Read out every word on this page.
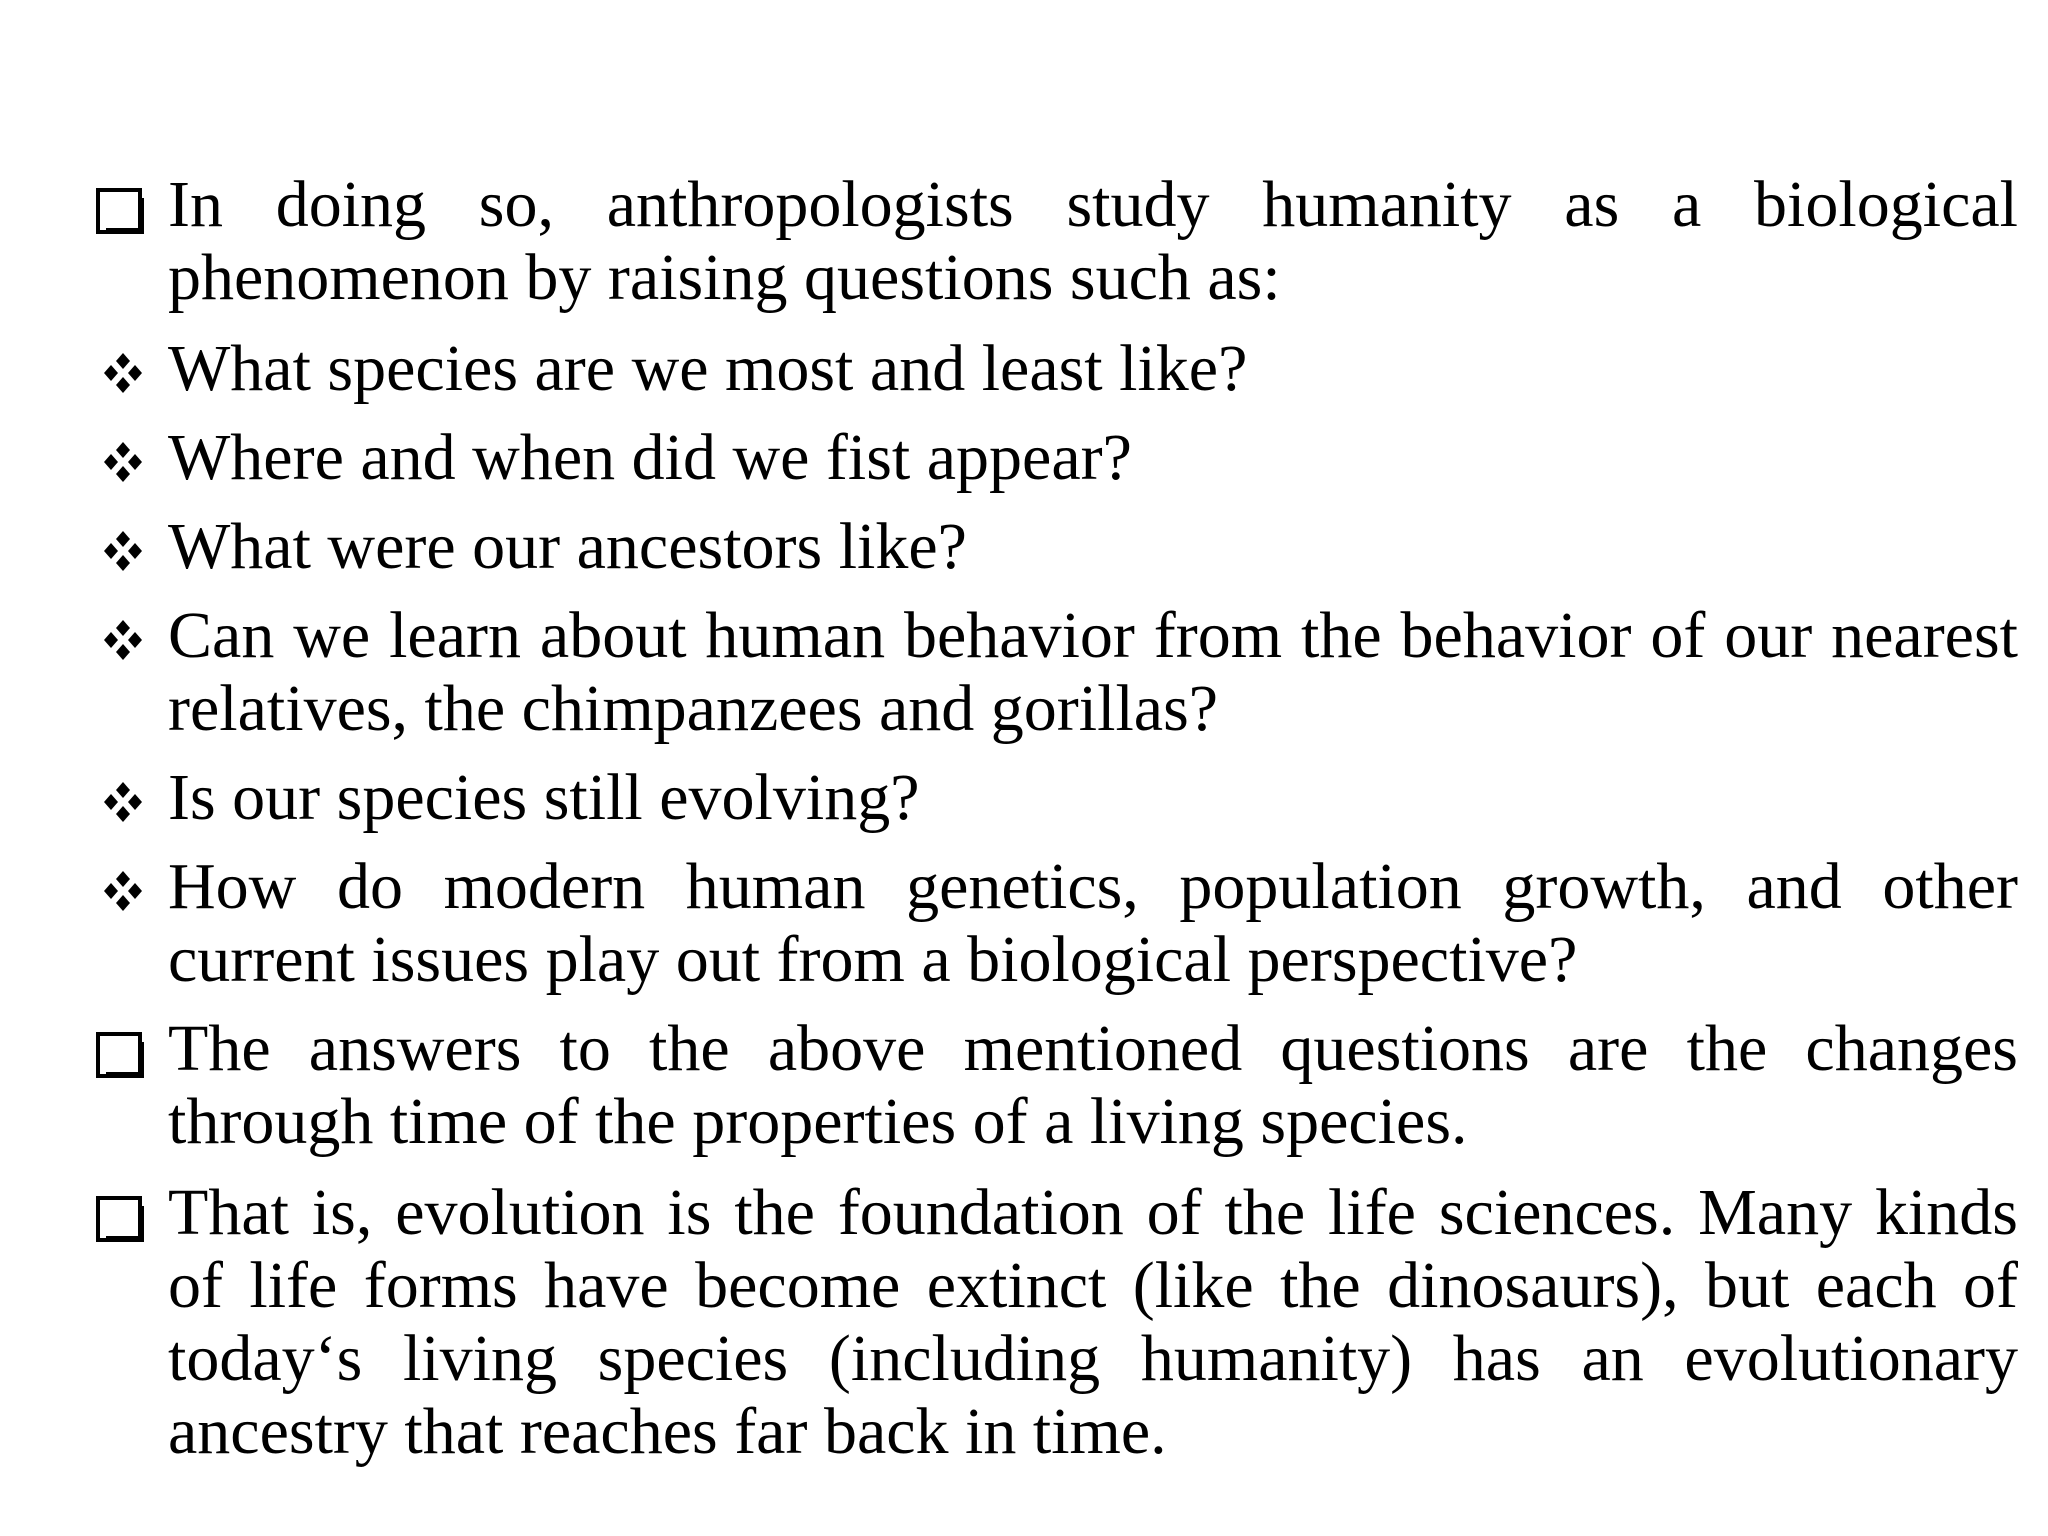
In doing so, anthropologists study humanity as a biological phenomenon by raising questions such as:
What species are we most and least like?
Where and when did we fist appear?
What were our ancestors like?
Can we learn about human behavior from the behavior of our nearest relatives, the chimpanzees and gorillas?
Is our species still evolving?
How do modern human genetics, population growth, and other current issues play out from a biological perspective?
The answers to the above mentioned questions are the changes through time of the properties of a living species.
That is, evolution is the foundation of the life sciences. Many kinds of life forms have become extinct (like the dinosaurs), but each of today‘s living species (including humanity) has an evolutionary ancestry that reaches far back in time.
